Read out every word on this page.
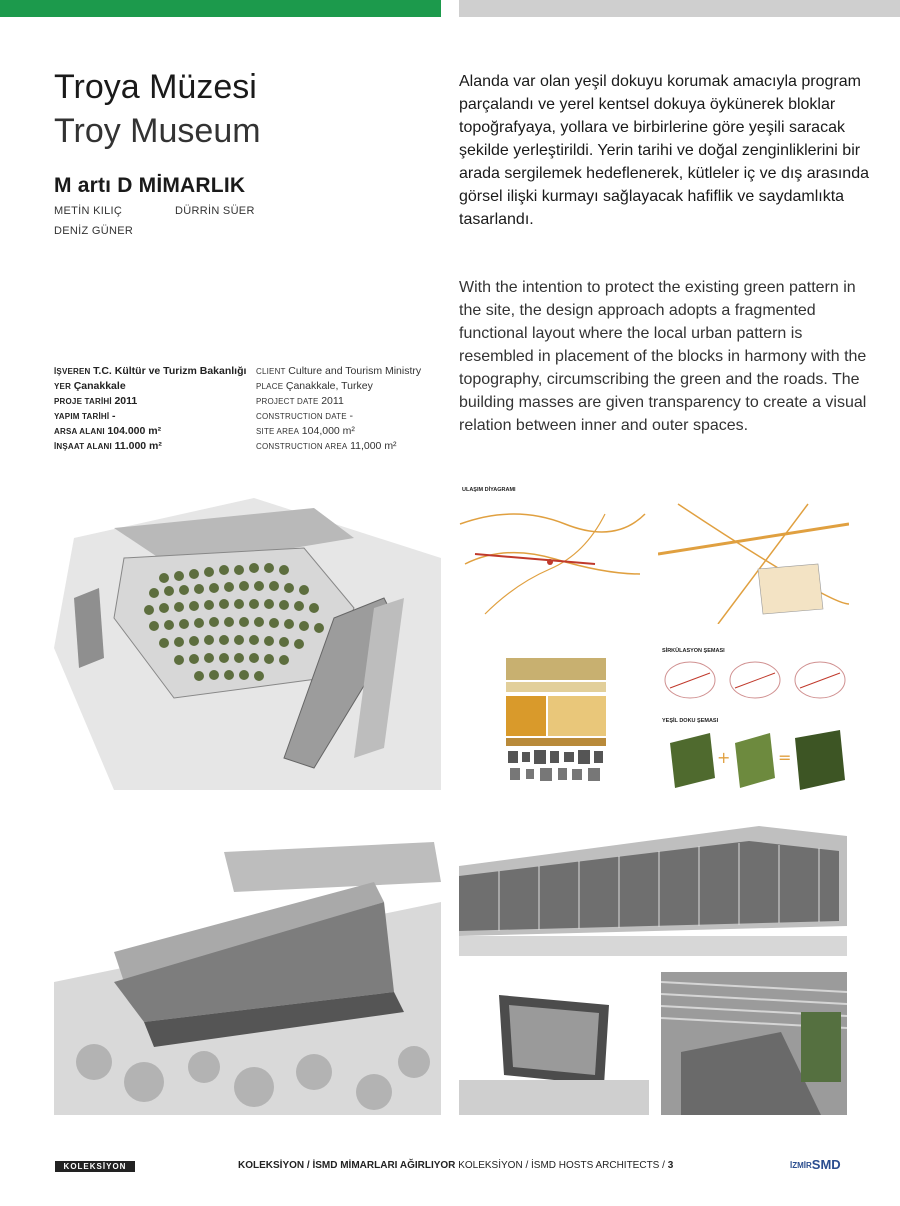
Troya Müzesi
Troy Museum
M artı D MİMARLIK
METİN KILIÇ	DÜRRİN SÜER
DENİZ GÜNER
İŞVEREN T.C. Kültür ve Turizm Bakanlığı
YER Çanakkale
PROJE TARİHİ 2011
YAPIM TARİHİ -
ARSA ALANI 104.000 m²
İNŞAAT ALANI 11.000 m²
CLIENT Culture and Tourism Ministry
PLACE Çanakkale, Turkey
PROJECT DATE 2011
CONSTRUCTION DATE -
SITE AREA 104,000 m²
CONSTRUCTION AREA 11,000 m²
Alanda var olan yeşil dokuyu korumak amacıyla program parçalandı ve yerel kentsel dokuya öykünerek bloklar topoğrafyaya, yollara ve birbirlerine göre yeşili saracak şekilde yerleştirildi. Yerin tarihi ve doğal zenginliklerini bir arada sergilemek hedeflenerek, kütleler iç ve dış arasında görsel ilişki kurmayı sağlayacak hafiflik ve saydamlıkta tasarlandı.
With the intention to protect the existing green pattern in the site, the design approach adopts a fragmented functional layout where the local urban pattern is resembled in placement of the blocks in harmony with the topography, circumscribing the green and the roads. The building masses are given transparency to create a visual relation between inner and outer spaces.
ULAŞIM DİYAGRAMI
SİRKÜLASYON ŞEMASI
+	=
YEŞİL DOKU ŞEMASI
KOLEKSİYON	KOLEKSİYON / İSMD MİMARLARI AĞIRLIYOR KOLEKSİYON / İSMD HOSTS ARCHITECTS / 3	İZMİRSMD
